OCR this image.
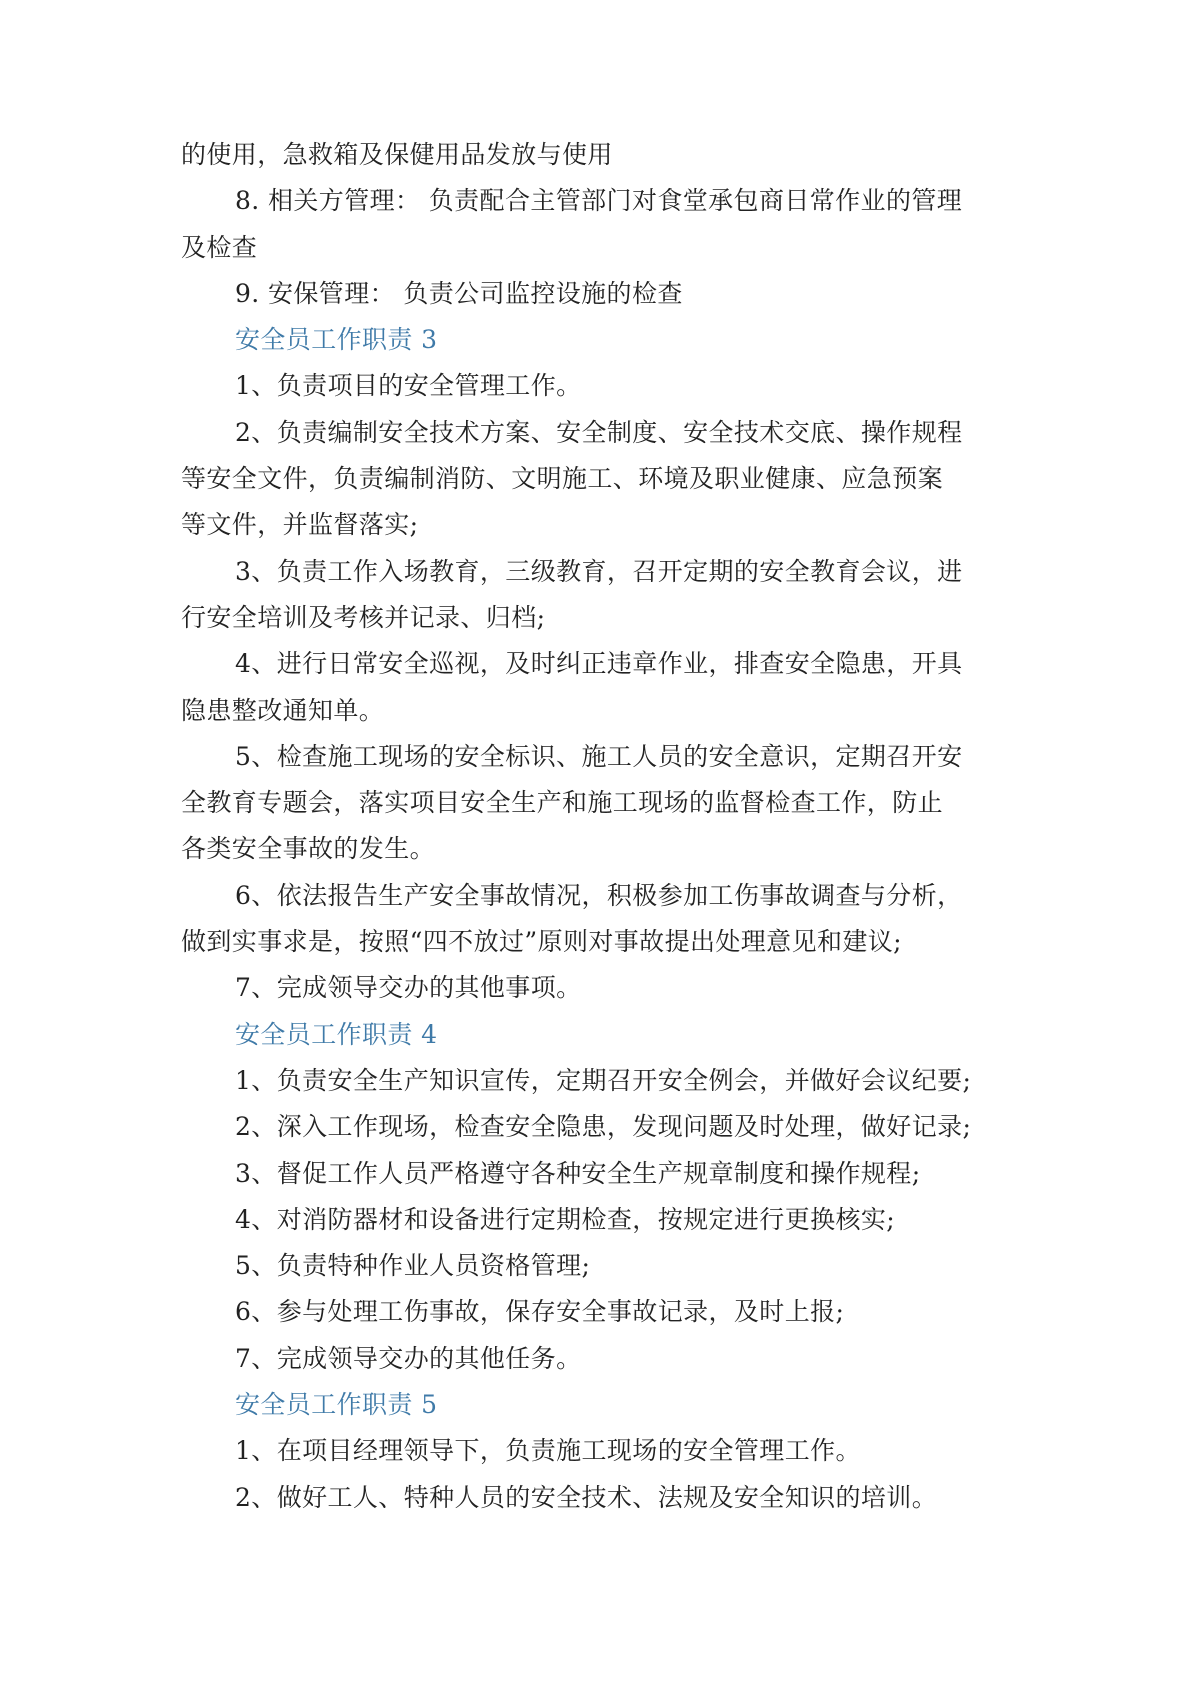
的使用，急救箱及保健用品发放与使用
8. 相关方管理： 负责配合主管部门对食堂承包商日常作业的管理
及检查
9. 安保管理： 负责公司监控设施的检查
安全员工作职责 3
1、负责项目的安全管理工作。
2、负责编制安全技术方案、安全制度、安全技术交底、操作规程
等安全文件，负责编制消防、文明施工、环境及职业健康、应急预案
等文件，并监督落实;
3、负责工作入场教育，三级教育，召开定期的安全教育会议，进
行安全培训及考核并记录、归档;
4、进行日常安全巡视，及时纠正违章作业，排查安全隐患，开具
隐患整改通知单。
5、检查施工现场的安全标识、施工人员的安全意识，定期召开安
全教育专题会，落实项目安全生产和施工现场的监督检查工作，防止
各类安全事故的发生。
6、依法报告生产安全事故情况，积极参加工伤事故调查与分析，
做到实事求是，按照“四不放过”原则对事故提出处理意见和建议;
7、完成领导交办的其他事项。
安全员工作职责 4
1、负责安全生产知识宣传，定期召开安全例会，并做好会议纪要;
2、深入工作现场，检查安全隐患，发现问题及时处理，做好记录;
3、督促工作人员严格遵守各种安全生产规章制度和操作规程;
4、对消防器材和设备进行定期检查，按规定进行更换核实;
5、负责特种作业人员资格管理;
6、参与处理工伤事故，保存安全事故记录，及时上报;
7、完成领导交办的其他任务。
安全员工作职责 5
1、在项目经理领导下，负责施工现场的安全管理工作。
2、做好工人、特种人员的安全技术、法规及安全知识的培训。
